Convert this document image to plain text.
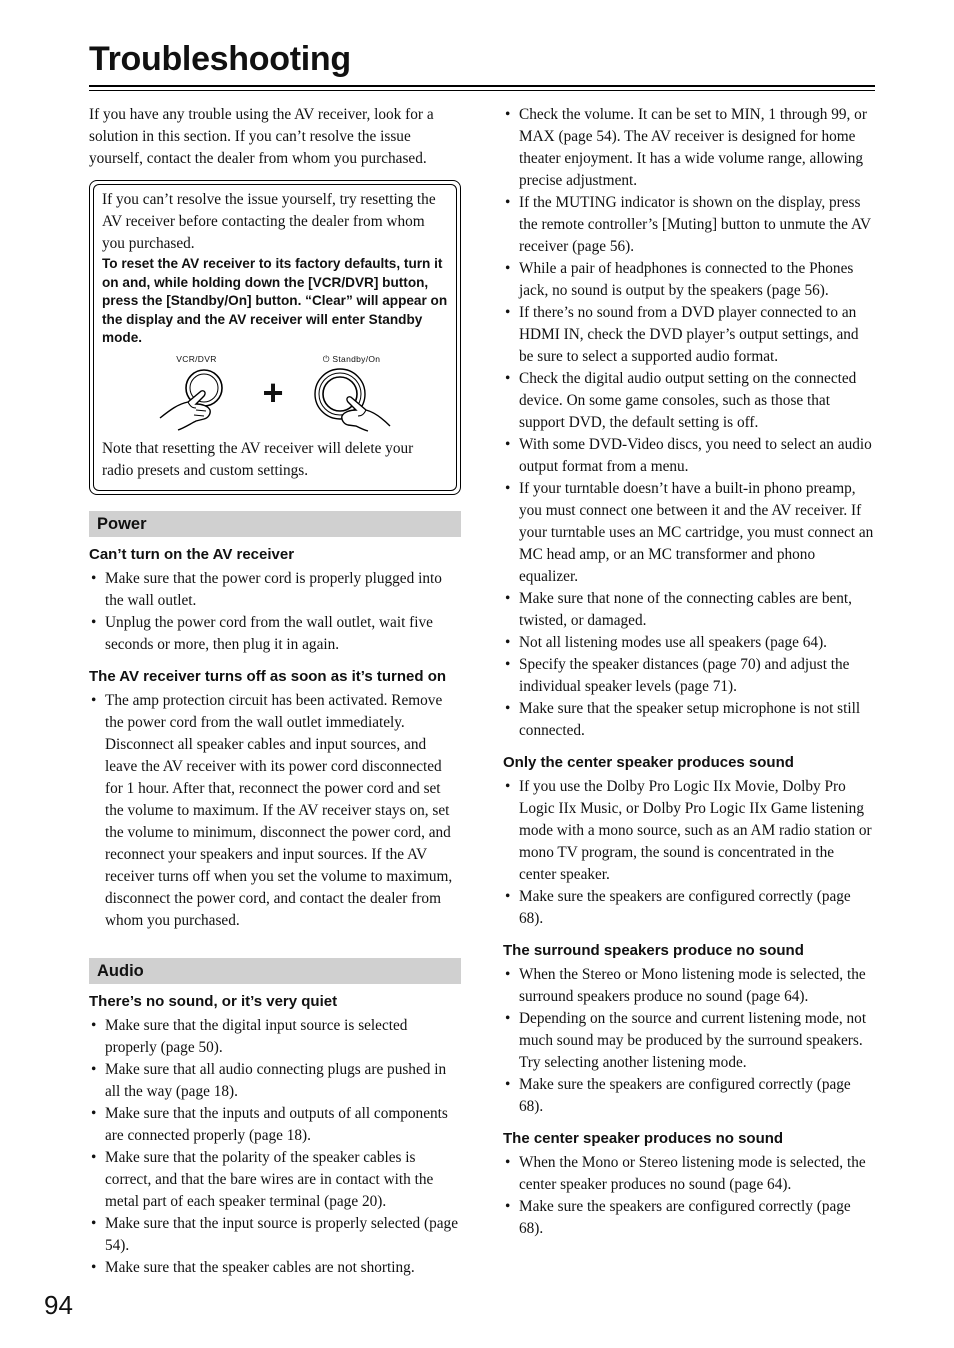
Troubleshooting

If you have any trouble using the AV receiver, look for a solution in this section. If you can’t resolve the issue yourself, contact the dealer from whom you purchased.

If you can’t resolve the issue yourself, try resetting the AV receiver before contacting the dealer from whom you purchased.

To reset the AV receiver to its factory defaults, turn it on and, while holding down the [VCR/DVR] button, press the [Standby/On] button. “Clear” will appear on the display and the AV receiver will enter Standby mode.

VCR/DVR
+
⏻ Standby/On

Note that resetting the AV receiver will delete your radio presets and custom settings.

Power
Can’t turn on the AV receiver
• Make sure that the power cord is properly plugged into the wall outlet.
• Unplug the power cord from the wall outlet, wait five seconds or more, then plug it in again.
The AV receiver turns off as soon as it’s turned on
• The amp protection circuit has been activated. Remove the power cord from the wall outlet immediately. Disconnect all speaker cables and input sources, and leave the AV receiver with its power cord disconnected for 1 hour. After that, reconnect the power cord and set the volume to maximum. If the AV receiver stays on, set the volume to minimum, disconnect the power cord, and reconnect your speakers and input sources. If the AV receiver turns off when you set the volume to maximum, disconnect the power cord, and contact the dealer from whom you purchased.
Audio
There’s no sound, or it’s very quiet
• Make sure that the digital input source is selected properly (page 50).
• Make sure that all audio connecting plugs are pushed in all the way (page 18).
• Make sure that the inputs and outputs of all components are connected properly (page 18).
• Make sure that the polarity of the speaker cables is correct, and that the bare wires are in contact with the metal part of each speaker terminal (page 20).
• Make sure that the input source is properly selected (page 54).
• Make sure that the speaker cables are not shorting.
• Check the volume. It can be set to MIN, 1 through 99, or MAX (page 54). The AV receiver is designed for home theater enjoyment. It has a wide volume range, allowing precise adjustment.
• If the MUTING indicator is shown on the display, press the remote controller’s [Muting] button to unmute the AV receiver (page 56).
• While a pair of headphones is connected to the Phones jack, no sound is output by the speakers (page 56).
• If there’s no sound from a DVD player connected to an HDMI IN, check the DVD player’s output settings, and be sure to select a supported audio format.
• Check the digital audio output setting on the connected device. On some game consoles, such as those that support DVD, the default setting is off.
• With some DVD-Video discs, you need to select an audio output format from a menu.
• If your turntable doesn’t have a built-in phono preamp, you must connect one between it and the AV receiver. If your turntable uses an MC cartridge, you must connect an MC head amp, or an MC transformer and phono equalizer.
• Make sure that none of the connecting cables are bent, twisted, or damaged.
• Not all listening modes use all speakers (page 64).
• Specify the speaker distances (page 70) and adjust the individual speaker levels (page 71).
• Make sure that the speaker setup microphone is not still connected.
Only the center speaker produces sound
• If you use the Dolby Pro Logic IIx Movie, Dolby Pro Logic IIx Music, or Dolby Pro Logic IIx Game listening mode with a mono source, such as an AM radio station or mono TV program, the sound is concentrated in the center speaker.
• Make sure the speakers are configured correctly (page 68).
The surround speakers produce no sound
• When the Stereo or Mono listening mode is selected, the surround speakers produce no sound (page 64).
• Depending on the source and current listening mode, not much sound may be produced by the surround speakers. Try selecting another listening mode.
• Make sure the speakers are configured correctly (page 68).
The center speaker produces no sound
• When the Mono or Stereo listening mode is selected, the center speaker produces no sound (page 64).
• Make sure the speakers are configured correctly (page 68).
94
